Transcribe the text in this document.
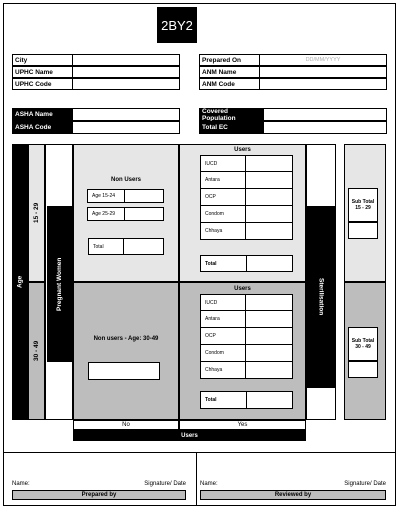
2BY2
City
UPHC Name
UPHC Code
Prepared On	DD/MM/YYYY
ANM Name
ANM Code
ASHA Name
ASHA Code
Covered Population
Total EC
Age
15 - 29
30 - 49
Pregnant Women
Non Users
Age 15-24
Age 25-29
Total
Non users - Age: 30-49
Users
IUCD
Antara
OCP
Condom
Chhaya
Total
Users
IUCD
Antara
OCP
Condom
Chhaya
Total
Sterilisation
Sub Total 15 - 29
Sub Total 30 - 49
No	Yes
Users
Name:	Signature/ Date
Prepared by
Name:	Signature/ Date
Reviewed by
